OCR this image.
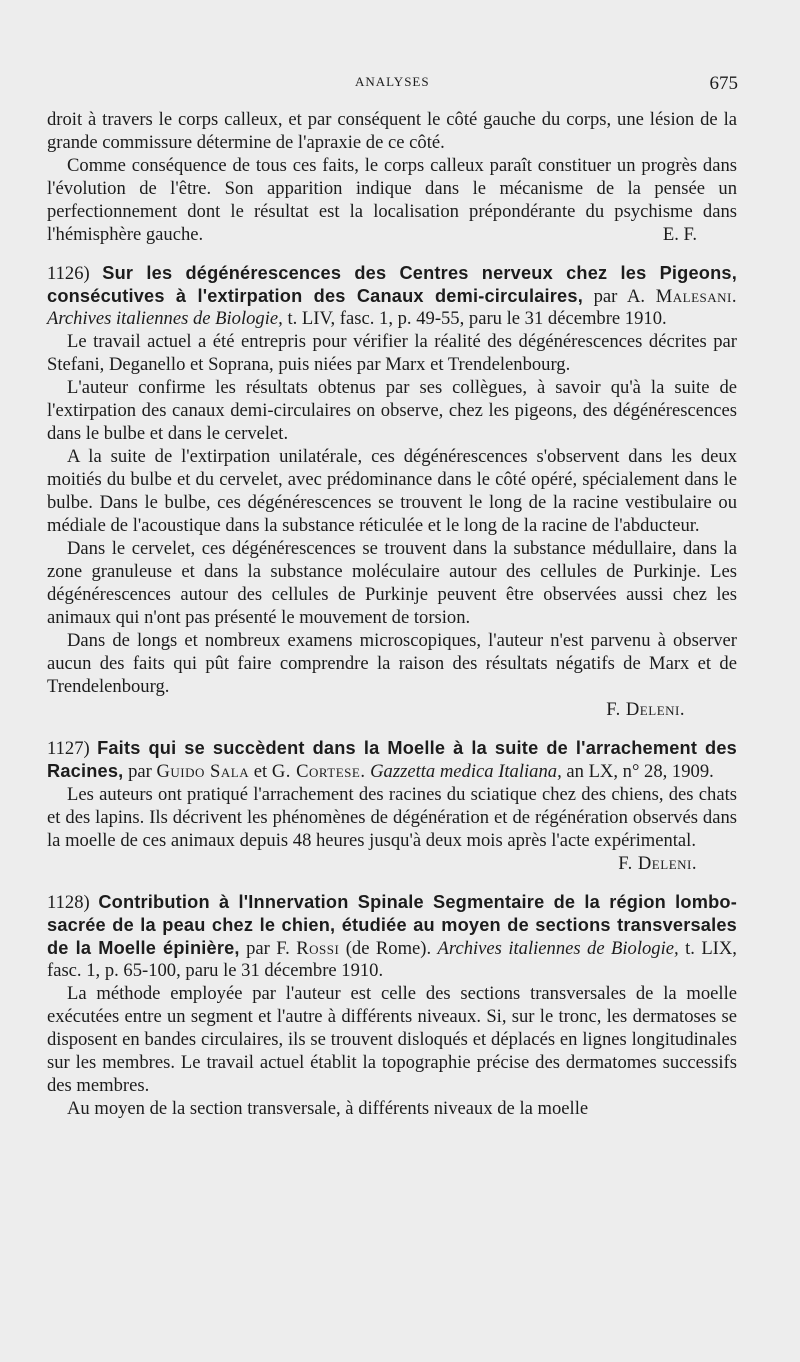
ANALYSES	675

droit à travers le corps calleux, et par conséquent le côté gauche du corps, une lésion de la grande commissure détermine de l'apraxie de ce côté.

Comme conséquence de tous ces faits, le corps calleux paraît constituer un progrès dans l'évolution de l'être. Son apparition indique dans le mécanisme de la pensée un perfectionnement dont le résultat est la localisation prépondérante du psychisme dans l'hémisphère gauche.	E. F.

1126) Sur les dégénérescences des Centres nerveux chez les Pigeons, consécutives à l'extirpation des Canaux demi-circulaires, par A. Malesani. Archives italiennes de Biologie, t. LIV, fasc. 1, p. 49-55, paru le 31 décembre 1910.

Le travail actuel a été entrepris pour vérifier la réalité des dégénérescences décrites par Stefani, Deganello et Soprana, puis niées par Marx et Trendelenbourg.

L'auteur confirme les résultats obtenus par ses collègues, à savoir qu'à la suite de l'extirpation des canaux demi-circulaires on observe, chez les pigeons, des dégénérescences dans le bulbe et dans le cervelet.

A la suite de l'extirpation unilatérale, ces dégénérescences s'observent dans les deux moitiés du bulbe et du cervelet, avec prédominance dans le côté opéré, spécialement dans le bulbe. Dans le bulbe, ces dégénérescences se trouvent le long de la racine vestibulaire ou médiale de l'acoustique dans la substance réticulée et le long de la racine de l'abducteur.

Dans le cervelet, ces dégénérescences se trouvent dans la substance médullaire, dans la zone granuleuse et dans la substance moléculaire autour des cellules de Purkinje. Les dégénérescences autour des cellules de Purkinje peuvent être observées aussi chez les animaux qui n'ont pas présenté le mouvement de torsion.

Dans de longs et nombreux examens microscopiques, l'auteur n'est parvenu à observer aucun des faits qui pût faire comprendre la raison des résultats négatifs de Marx et de Trendelenbourg.

F. Deleni.

1127) Faits qui se succèdent dans la Moelle à la suite de l'arrachement des Racines, par Guido Sala et G. Cortese. Gazzetta medica Italiana, an LX, n° 28, 1909.

Les auteurs ont pratiqué l'arrachement des racines du sciatique chez des chiens, des chats et des lapins. Ils décrivent les phénomènes de dégénération et de régénération observés dans la moelle de ces animaux depuis 48 heures jusqu'à deux mois après l'acte expérimental.
F. Deleni.

1128) Contribution à l'Innervation Spinale Segmentaire de la région lombo-sacrée de la peau chez le chien, étudiée au moyen de sections transversales de la Moelle épinière, par F. Rossi (de Rome). Archives italiennes de Biologie, t. LIX, fasc. 1, p. 65-100, paru le 31 décembre 1910.

La méthode employée par l'auteur est celle des sections transversales de la moelle exécutées entre un segment et l'autre à différents niveaux. Si, sur le tronc, les dermatoses se disposent en bandes circulaires, ils se trouvent disloqués et déplacés en lignes longitudinales sur les membres. Le travail actuel établit la topographie précise des dermatomes successifs des membres.

Au moyen de la section transversale, à différents niveaux de la moelle
